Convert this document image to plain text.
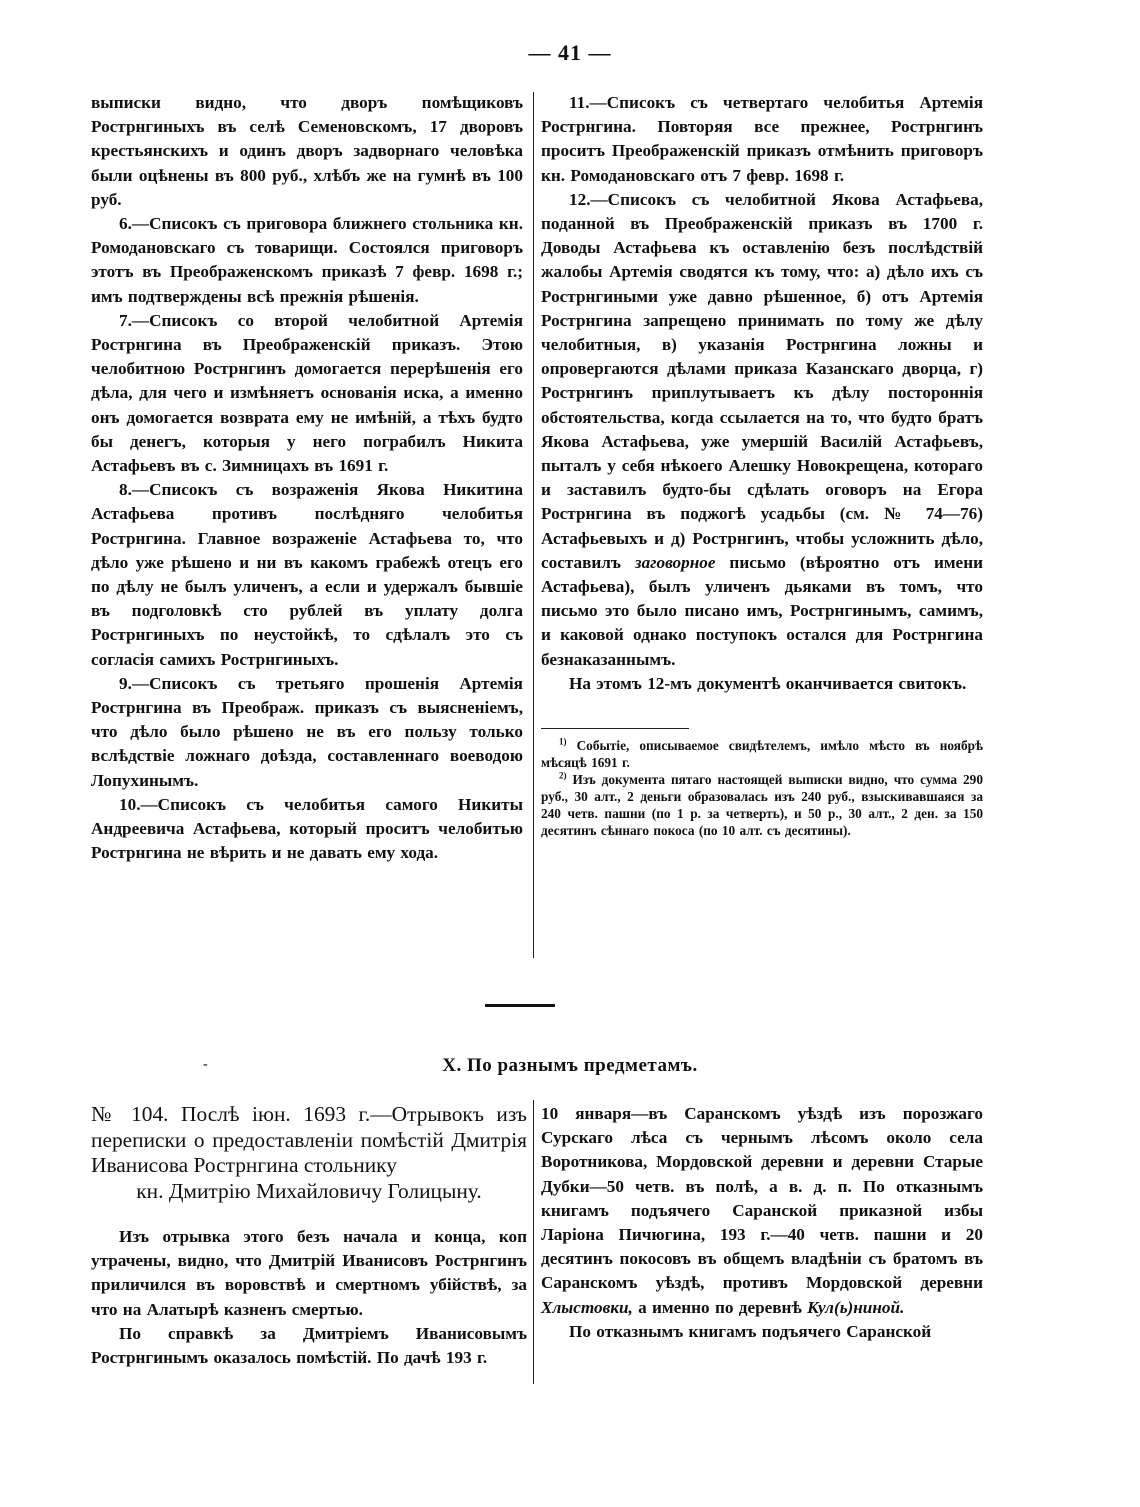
— 41 —

выписки видно, что дворъ помѣщиковъ Рострнгиныхъ въ селѣ Семеновскомъ, 17 дворовъ крестьянскихъ и одинъ дворъ задворнаго человѣка были оцѣнены въ 800 руб., хлѣбъ же на гумнѣ въ 100 руб.

6.—Списокъ съ приговора ближнего стольника кн. Ромодановскаго съ товарищи. Состоялся приговоръ этотъ въ Преображенскомъ приказѣ 7 февр. 1698 г.; имъ подтверждены всѣ прежнія рѣшенія.

7.—Списокъ со второй челобитной Артемія Рострнгина въ Преображенскій приказъ. Этою челобитною Рострнгинъ домогается перерѣшенія его дѣла, для чего и измѣняетъ основанія иска, а именно онъ домогается возврата ему не имѣній, а тѣхъ будто бы денегъ, которыя у него пограбилъ Никита Астафьевъ въ с. Зимницахъ въ 1691 г.

8.—Списокъ съ возраженія Якова Никитина Астафьева противъ послѣдняго челобитья Рострнгина. Главное возраженіе Астафьева то, что дѣло уже рѣшено и ни въ какомъ грабежѣ отецъ его по дѣлу не былъ уличенъ, а если и удержалъ бывшіе въ подголовкѣ сто рублей въ уплату долга Рострнгиныхъ по неустойкѣ, то сдѣлалъ это съ согласія самихъ Рострнгиныхъ.

9.—Списокъ съ третьяго прошенія Артемія Рострнгина въ Преображ. приказъ съ выясненіемъ, что дѣло было рѣшено не въ его пользу только вслѣдствіе ложнаго доѣзда, составленнаго воеводою Лопухинымъ.

10.—Списокъ съ челобитья самого Никиты Андреевича Астафьева, который проситъ челобитью Рострнгина не вѣрить и не давать ему хода.

11.—Списокъ съ четвертаго челобитья Артемія Рострнгина. Повторяя все прежнее, Рострнгинъ проситъ Преображенскій приказъ отмѣнить приговоръ кн. Ромодановскаго отъ 7 февр. 1698 г.

12.—Списокъ съ челобитной Якова Астафьева, поданной въ Преображенскій приказъ въ 1700 г. Доводы Астафьева къ оставленію безъ послѣдствій жалобы Артемія сводятся къ тому, что: а) дѣло ихъ съ Рострнгиными уже давно рѣшенное, б) отъ Артемія Рострнгина запрещено принимать по тому же дѣлу челобитныя, в) указанія Рострнгина ложны и опровергаются дѣлами приказа Казанскаго дворца, г) Рострнгинъ приплутываетъ къ дѣлу постороннія обстоятельства, когда ссылается на то, что будто братъ Якова Астафьева, уже умершій Василій Астафьевъ, пыталъ у себя нѣкоего Алешку Новокрещена, котораго и заставилъ будто-бы сдѣлать оговоръ на Егора Рострнгина въ поджогѣ усадьбы (см. № 74—76) Астафьевыхъ и д) Рострнгинъ, чтобы усложнить дѣло, составилъ заговорное письмо (вѣроятно отъ имени Астафьева), былъ уличенъ дьяками въ томъ, что письмо это было писано имъ, Рострнгинымъ, самимъ, и каковой однако поступокъ остался для Рострнгина безнаказаннымъ.

На этомъ 12-мъ документѣ оканчивается свитокъ.

$^{1)}$ Событіе, описываемое свидѣтелемъ, имѣло мѣсто въ ноябрѣ мѣсяцѣ 1691 г.

$^{2)}$ Изъ документа пятаго настоящей выписки видно, что сумма 290 руб., 30 алт., 2 деньги образовалась изъ 240 руб., взыскивавшаяся за 240 четв. пашни (по 1 р. за четверть), и 50 р., 30 алт., 2 ден. за 150 десятинъ сѣннаго покоса (по 10 алт. съ десятины).

-	X. По разнымъ предметамъ.

№ 104. Послѣ іюн. 1693 г.—Отрывокъ изъ переписки о предоставленіи помѣстій Дмитрія Иванисова Рострнгина стольнику

кн. Дмитрію Михайловичу Голицыну.

Изъ отрывка этого безъ начала и конца, коп утрачены, видно, что Дмитрій Иванисовъ Рострнгинъ приличился въ воровствѣ и смертномъ убійствѣ, за что на Алатырѣ казненъ смертью.

По справкѣ за Дмитріемъ Иванисовымъ Рострнгинымъ оказалось помѣстій. По дачѣ 193 г.

10 января—въ Саранскомъ уѣздѣ изъ порозжаго Сурскаго лѣса съ чернымъ лѣсомъ около села Воротникова, Мордовской деревни и деревни Старые Дубки—50 четв. въ полѣ, а в. д. п. По отказнымъ книгамъ подъячего Саранской приказной избы Ларіона Пичюгина, 193 г.—40 четв. пашни и 20 десятинъ покосовъ въ общемъ владѣніи съ братомъ въ Саранскомъ уѣздѣ, противъ Мордовской деревни Хлыстовки, а именно по деревнѣ Кул(ь)ниной.

По отказнымъ книгамъ подъячего Саранской
